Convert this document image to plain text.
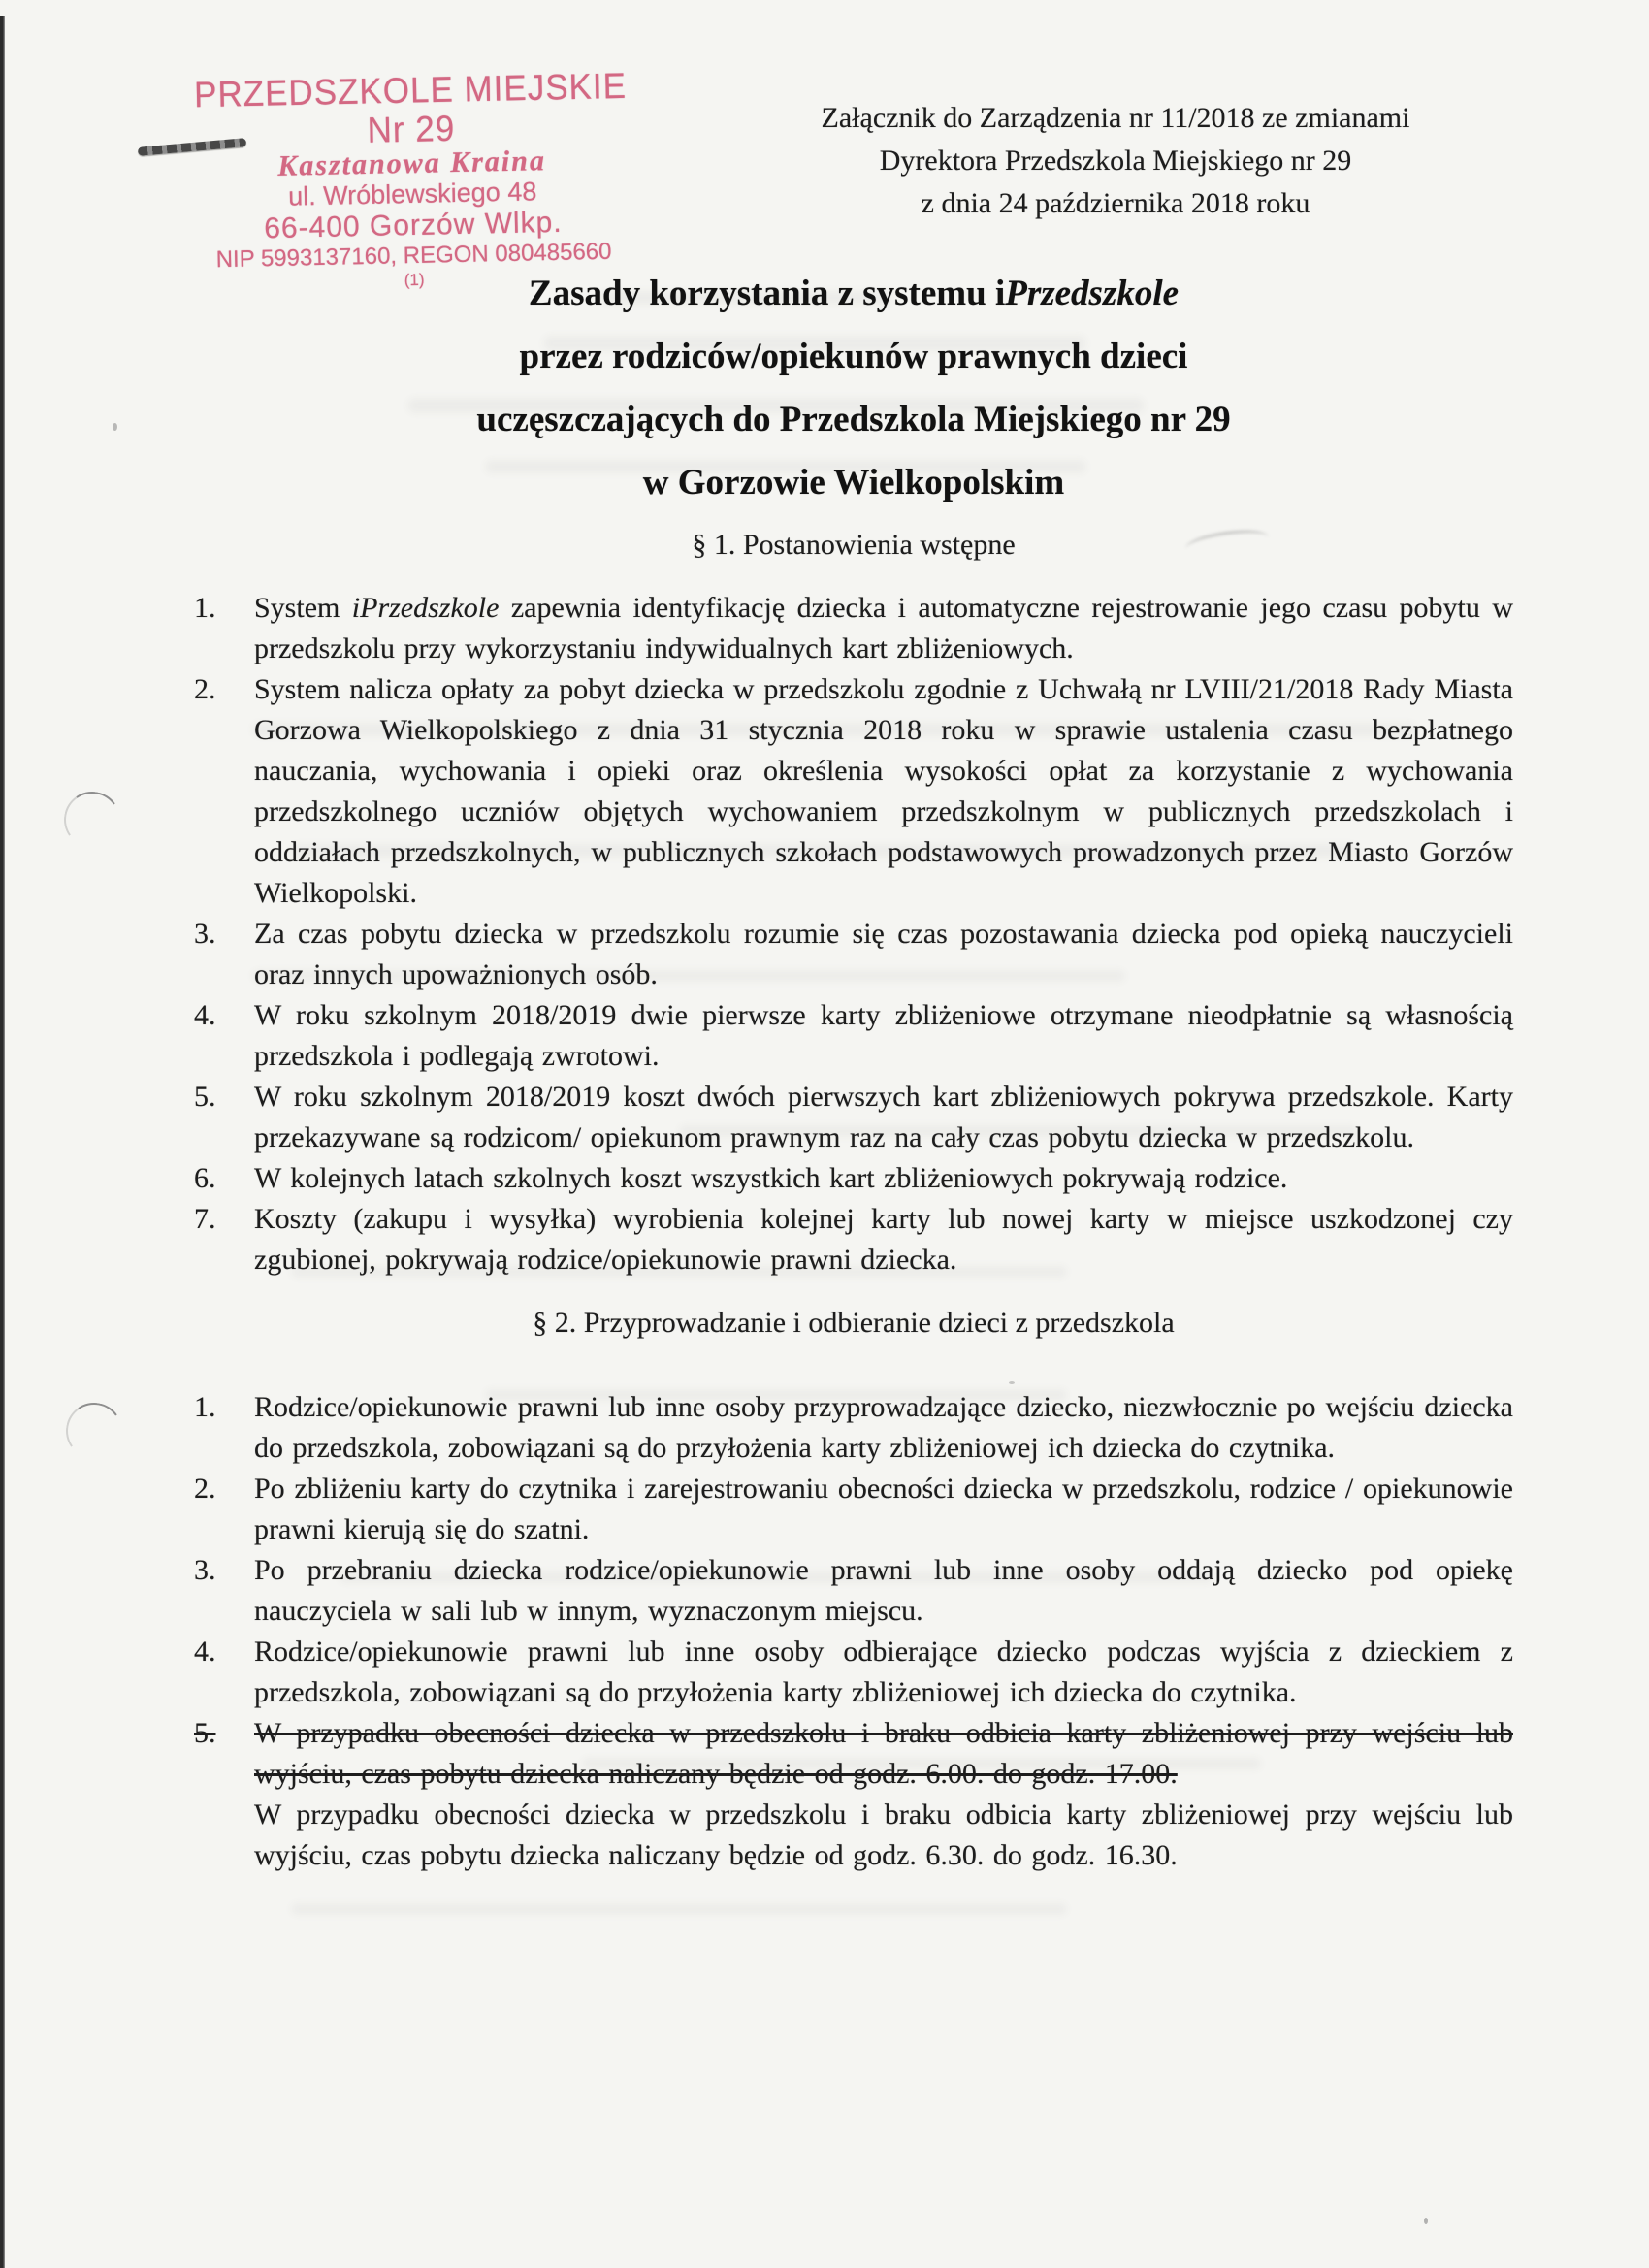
PRZEDSZKOLE MIEJSKIE Nr 29
Kasztanowa Kraina
ul. Wróblewskiego 48
66-400 Gorzów Wlkp.
NIP 5993137160, REGON 080485660
(1)
Załącznik do Zarządzenia nr 11/2018 ze zmianami
Dyrektora Przedszkola Miejskiego nr 29
z dnia 24 października 2018 roku
Zasady korzystania z systemu iPrzedszkole
przez rodziców/opiekunów prawnych dzieci
uczęszczających do Przedszkola Miejskiego nr 29
w Gorzowie Wielkopolskim
§ 1. Postanowienia wstępne
1. System iPrzedszkole zapewnia identyfikację dziecka i automatyczne rejestrowanie jego czasu pobytu w przedszkolu przy wykorzystaniu indywidualnych kart zbliżeniowych.
2. System nalicza opłaty za pobyt dziecka w przedszkolu zgodnie z Uchwałą nr LVIII/21/2018 Rady Miasta Gorzowa Wielkopolskiego z dnia 31 stycznia 2018 roku w sprawie ustalenia czasu bezpłatnego nauczania, wychowania i opieki oraz określenia wysokości opłat za korzystanie z wychowania przedszkolnego uczniów objętych wychowaniem przedszkolnym w publicznych przedszkolach i oddziałach przedszkolnych, w publicznych szkołach podstawowych prowadzonych przez Miasto Gorzów Wielkopolski.
3. Za czas pobytu dziecka w przedszkolu rozumie się czas pozostawania dziecka pod opieką nauczycieli oraz innych upoważnionych osób.
4. W roku szkolnym 2018/2019 dwie pierwsze karty zbliżeniowe otrzymane nieodpłatnie są własnością przedszkola i podlegają zwrotowi.
5. W roku szkolnym 2018/2019 koszt dwóch pierwszych kart zbliżeniowych pokrywa przedszkole. Karty przekazywane są rodzicom/ opiekunom prawnym raz na cały czas pobytu dziecka w przedszkolu.
6. W kolejnych latach szkolnych koszt wszystkich kart zbliżeniowych pokrywają rodzice.
7. Koszty (zakupu i wysyłka) wyrobienia kolejnej karty lub nowej karty w miejsce uszkodzonej czy zgubionej, pokrywają rodzice/opiekunowie prawni dziecka.
§ 2. Przyprowadzanie i odbieranie dzieci z przedszkola
1. Rodzice/opiekunowie prawni lub inne osoby przyprowadzające dziecko, niezwłocznie po wejściu dziecka do przedszkola, zobowiązani są do przyłożenia karty zbliżeniowej ich dziecka do czytnika.
2. Po zbliżeniu karty do czytnika i zarejestrowaniu obecności dziecka w przedszkolu, rodzice / opiekunowie prawni kierują się do szatni.
3. Po przebraniu dziecka rodzice/opiekunowie prawni lub inne osoby oddają dziecko pod opiekę nauczyciela w sali lub w innym, wyznaczonym miejscu.
4. Rodzice/opiekunowie prawni lub inne osoby odbierające dziecko podczas wyjścia z dzieckiem z przedszkola, zobowiązani są do przyłożenia karty zbliżeniowej ich dziecka do czytnika.
5. W przypadku obecności dziecka w przedszkolu i braku odbicia karty zbliżeniowej przy wejściu lub wyjściu, czas pobytu dziecka naliczany będzie od godz. 6.00. do godz. 17.00.
W przypadku obecności dziecka w przedszkolu i braku odbicia karty zbliżeniowej przy wejściu lub wyjściu, czas pobytu dziecka naliczany będzie od godz. 6.30. do godz. 16.30.
